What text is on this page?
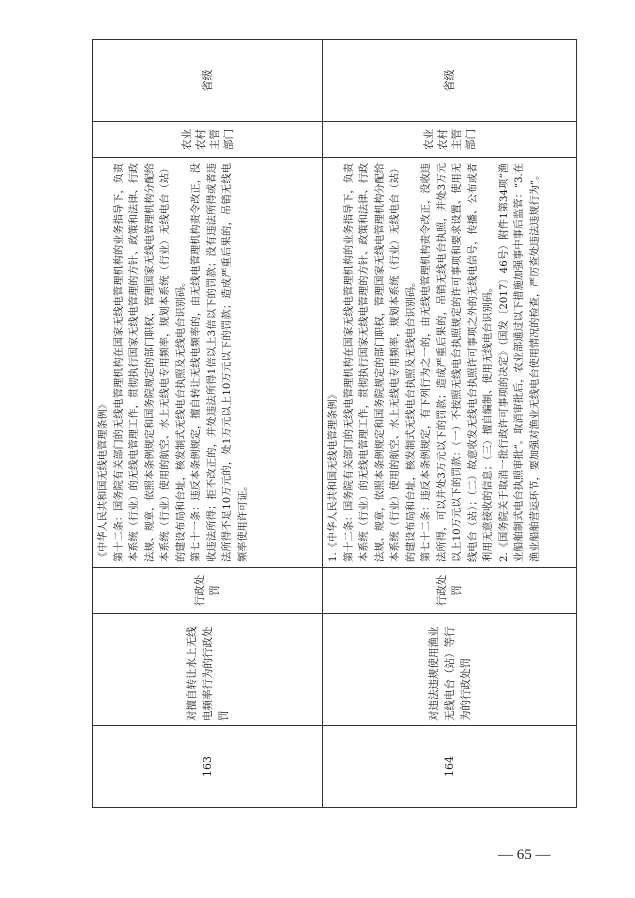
163	对擅自转让水上无线电频率行为的行政处罚	行政处罚	《中华人民共和国无线电管理条例》 第十二条：国务院有关部门的无线电管理机构在国家无线电管理机构的业务指导下，负责本系统（行业）的无线电管理工作，贯彻执行国家无线电管理的方针、政策和法律、行政法规、规章，依照本条例规定和国务院规定的部门职权，管理国家无线电管理机构分配给本系统（行业）使用的航空、水上无线电专用频率，规划本系统（行业）无线电台（站）的建设布局和台址，核发制式无线电台执照及无线电台识别码。 第七十一条：违反本条例规定，擅自转让无线电频率的，由无线电管理机构责令改正，没收违法所得；拒不改正的，并处违法所得1倍以上3倍以下的罚款；没有违法所得或者违法所得不足10万元的，处1万元以上10万元以下的罚款；造成严重后果的，吊销无线电频率使用许可证。	农业农村主管部门	省级
164	对违法违规使用渔业无线电台（站）等行为的行政处罚	行政处罚	1.《中华人民共和国无线电管理条例》 第十二条：国务院有关部门的无线电管理机构在国家无线电管理机构的业务指导下，负责本系统（行业）的无线电管理工作，贯彻执行国家无线电管理的方针、政策和法律、行政法规、规章，依照本条例规定和国务院规定的部门职权，管理国家无线电管理机构分配给本系统（行业）使用的航空、水上无线电专用频率，规划本系统（行业）无线电台（站）的建设布局和台址，核发制式无线电台执照及无线电台识别码。 第七十二条：违反本条例规定，有下列行为之一的，由无线电管理机构责令改正，没收违法所得，可以并处3万元以下的罚款；造成严重后果的，吊销无线电台执照，并处3万元以上10万元以下的罚款：（一）不按照无线电台执照规定的许可事项和要求设置、使用无线电台（站）；（二）故意收发无线电台执照许可事项之外的无线电信号，传播、公布或者利用无意接收的信息；（三）擅自编制、使用无线电台识别码。 2.《国务院关于取消一批行政许可事项的决定》（国发〔2017〕46号）附件1第34项“渔业船舶制式电台执照审批”。取消审批后，农业部通过以下措施加强事中事后监管：“3.在渔业船舶营运环节，要加强对渔业无线电台使用情况的检查，严厉查处违法违规行为”。	农业农村主管部门	省级
— 65 —
